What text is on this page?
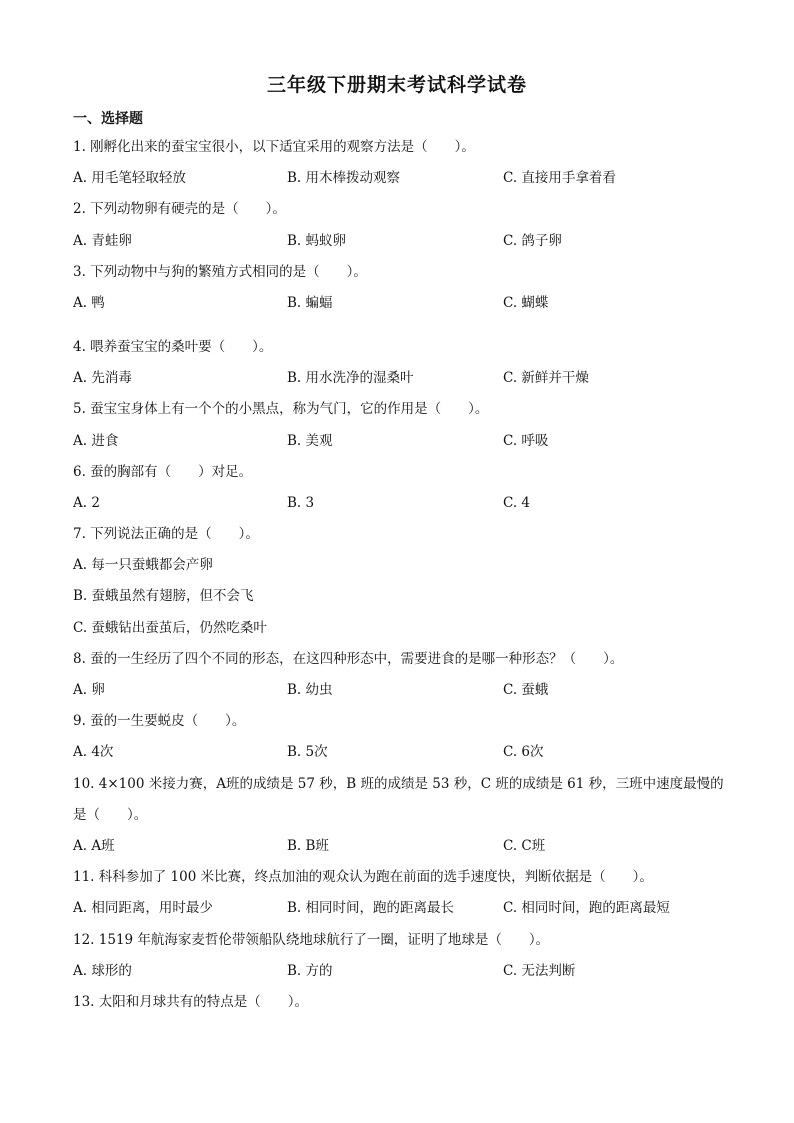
三年级下册期末考试科学试卷
一、选择题
1. 刚孵化出来的蚕宝宝很小，以下适宜采用的观察方法是（　　）。
A. 用毛笔轻取轻放	B. 用木棒拨动观察	C. 直接用手拿着看
2. 下列动物卵有硬壳的是（　　）。
A. 青蛙卵	B. 蚂蚁卵	C. 鸽子卵
3. 下列动物中与狗的繁殖方式相同的是（　　）。
A. 鸭	B. 蝙蝠	C. 蝴蝶
4. 喂养蚕宝宝的桑叶要（　　）。
A. 先消毒	B. 用水洗净的湿桑叶	C. 新鲜并干燥
5. 蚕宝宝身体上有一个个的小黑点，称为气门，它的作用是（　　）。
A. 进食	B. 美观	C. 呼吸
6. 蚕的胸部有（　　）对足。
A. 2	B. 3	C. 4
7. 下列说法正确的是（　　）。
A. 每一只蚕蛾都会产卵
B. 蚕蛾虽然有翅膀，但不会飞
C. 蚕蛾钻出蚕茧后，仍然吃桑叶
8. 蚕的一生经历了四个不同的形态，在这四种形态中，需要进食的是哪一种形态？（　　）。
A. 卵	B. 幼虫	C. 蚕蛾
9. 蚕的一生要蜕皮（　　）。
A. 4次	B. 5次	C. 6次
10. 4×100 米接力赛，A班的成绩是 57 秒，B 班的成绩是 53 秒，C 班的成绩是 61 秒，三班中速度最慢的
是（　　）。
A. A班	B. B班	C. C班
11. 科科参加了 100 米比赛，终点加油的观众认为跑在前面的选手速度快，判断依据是（　　）。
A. 相同距离，用时最少	B. 相同时间，跑的距离最长	C. 相同时间，跑的距离最短
12. 1519 年航海家麦哲伦带领船队绕地球航行了一圈，证明了地球是（　　）。
A. 球形的	B. 方的	C. 无法判断
13. 太阳和月球共有的特点是（　　）。
